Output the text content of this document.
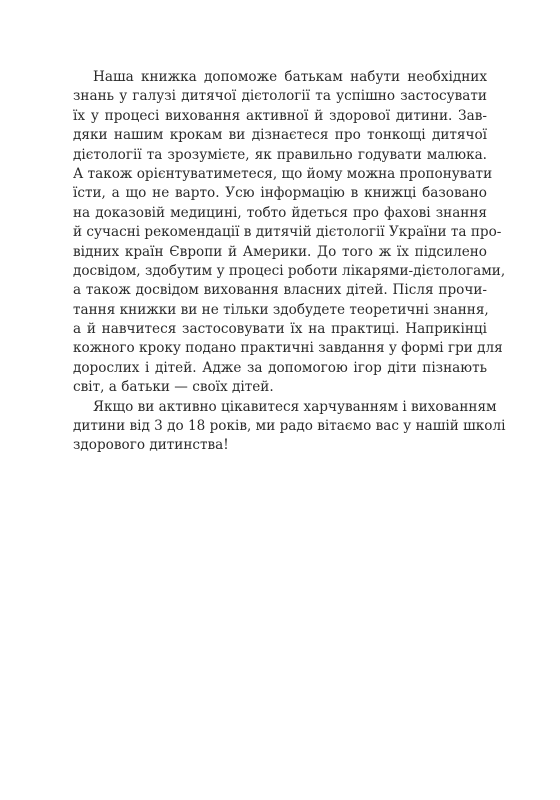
Наша книжка допоможе батькам набути необхідних
знань у галузі дитячої дієтології та успішно застосувати
їх у процесі виховання активної й здорової дитини. Зав-
дяки нашим крокам ви дізнаєтеся про тонкощі дитячої
дієтології та зрозумієте, як правильно годувати малюка.
А також орієнтуватиметеся, що йому можна пропонувати
їсти, а що не варто. Усю інформацію в книжці базовано
на доказовій медицині, тобто йдеться про фахові знання
й сучасні рекомендації в дитячій дієтології України та про-
відних країн Європи й Америки. До того ж їх підсилено
досвідом, здобутим у процесі роботи лікарями-дієтологами,
а також досвідом виховання власних дітей. Після прочи-
тання книжки ви не тільки здобудете теоретичні знання,
а й навчитеся застосовувати їх на практиці. Наприкінці
кожного кроку подано практичні завдання у формі гри для
дорослих і дітей. Адже за допомогою ігор діти пізнають
світ, а батьки — своїх дітей.
Якщо ви активно цікавитеся харчуванням і вихованням
дитини від 3 до 18 років, ми радо вітаємо вас у нашій школі
здорового дитинства!
